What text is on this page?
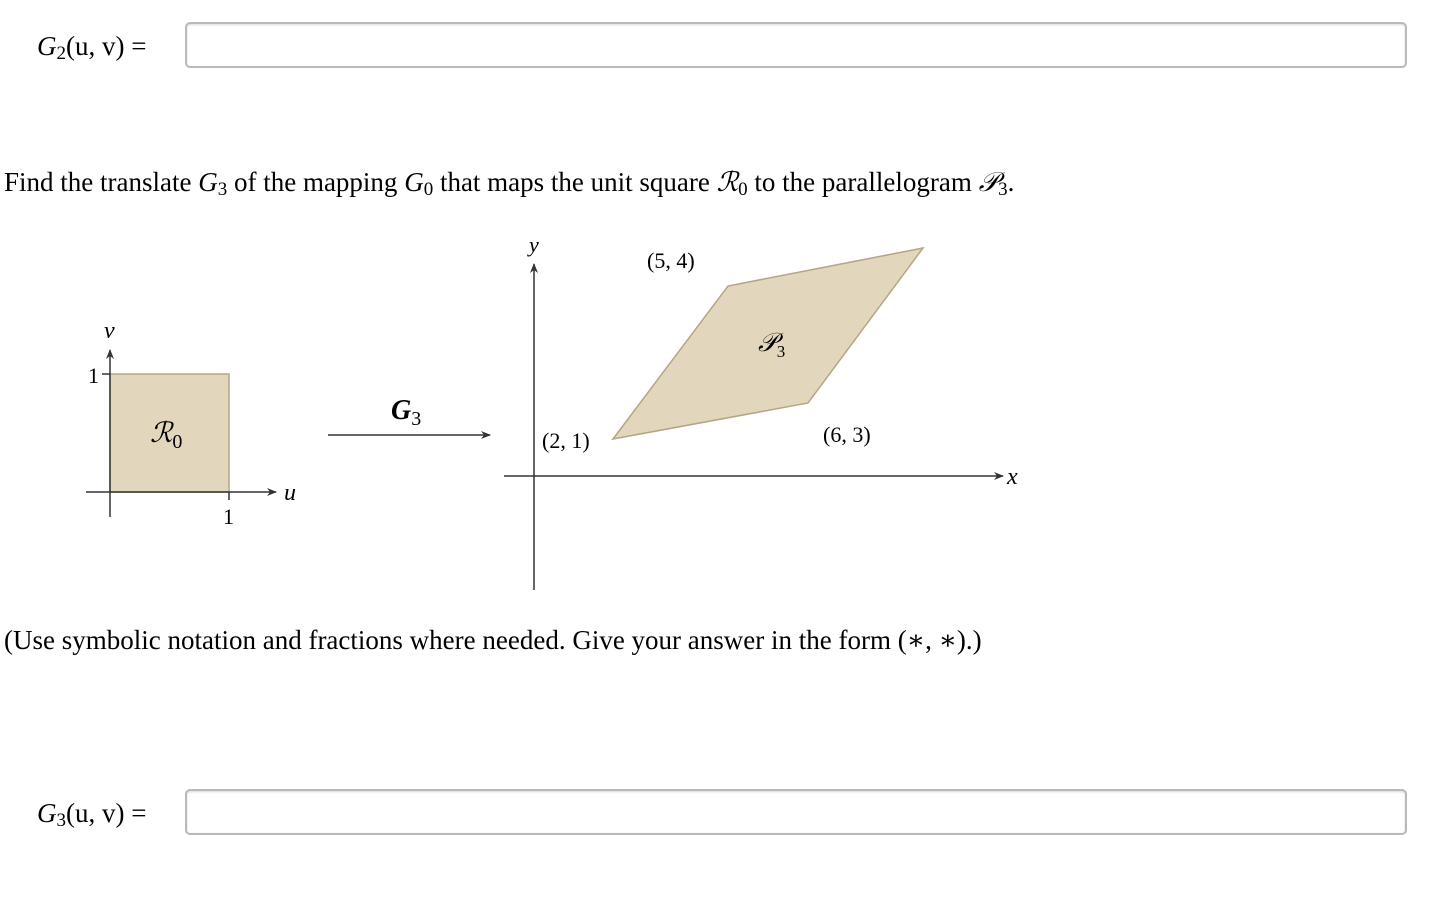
$G_2(u$, v) =
Find the translate $G_3$ of the mapping $G_0$ that maps the unit square ℛ$_0$ to the parallelogram 𝒫$_3$.
v
u
1
1
ℛ$_0$
$G_3$
y
x
𝒫$_3$
(5, 4)
(2, 1)	(6, 3)
(Use symbolic notation and fractions where needed. Give your answer in the form (∗, ∗).)
$G_3(u$, v) =
